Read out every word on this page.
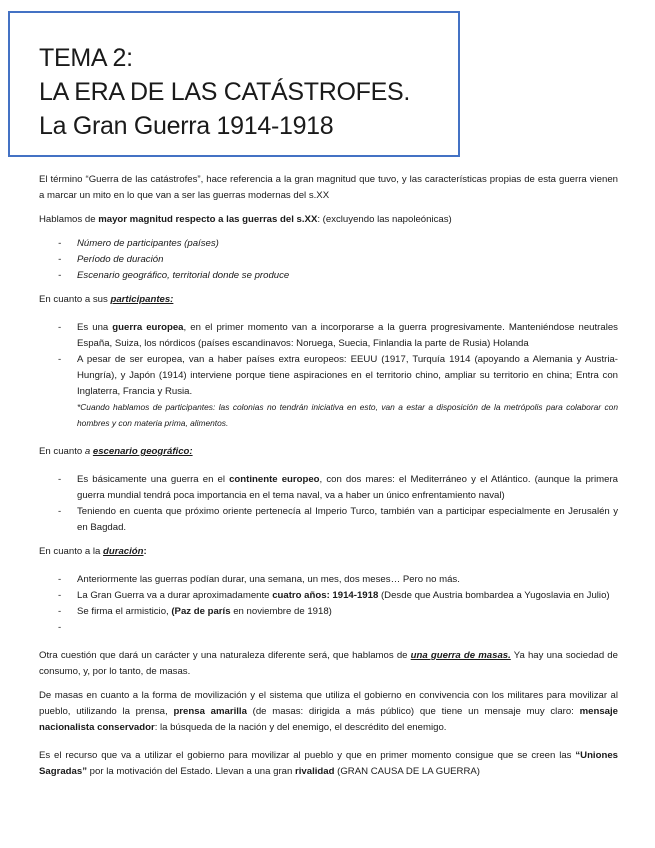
TEMA 2:
LA ERA DE LAS CATÁSTROFES.
La Gran Guerra 1914-1918

El término “Guerra de las catástrofes”, hace referencia a la gran magnitud que tuvo, y las características propias de esta guerra vienen a marcar un mito en lo que van a ser las guerras modernas del s.XX

Hablamos de mayor magnitud respecto a las guerras del s.XX: (excluyendo las napoleónicas)

- Número de participantes (países)
- Período de duración
- Escenario geográfico, territorial donde se produce

En cuanto a sus participantes:

- Es una guerra europea, en el primer momento van a incorporarse a la guerra progresivamente. Manteniéndose neutrales España, Suiza, los nórdicos (países escandinavos: Noruega, Suecia, Finlandia la parte de Rusia) Holanda
- A pesar de ser europea, van a haber países extra europeos: EEUU (1917, Turquía 1914 (apoyando a Alemania y Austria-Hungría), y Japón (1914) interviene porque tiene aspiraciones en el territorio chino, ampliar su territorio en china; Entra con Inglaterra, Francia y Rusia.
*Cuando hablamos de participantes: las colonias no tendrán iniciativa en esto, van a estar a disposición de la metrópolis para colaborar con hombres y con materia prima, alimentos.

En cuanto a escenario geográfico:

- Es básicamente una guerra en el continente europeo, con dos mares: el Mediterráneo y el Atlántico. (aunque la primera guerra mundial tendrá poca importancia en el tema naval, va a haber un único enfrentamiento naval)
- Teniendo en cuenta que próximo oriente pertenecía al Imperio Turco, también van a participar especialmente en Jerusalén y en Bagdad.

En cuanto a la duración:

- Anteriormente las guerras podían durar, una semana, un mes, dos meses… Pero no más.
- La Gran Guerra va a durar aproximadamente cuatro años: 1914-1918 (Desde que Austria bombardea a Yugoslavia en Julio)
- Se firma el armisticio, (Paz de parís en noviembre de 1918)
-

Otra cuestión que dará un carácter y una naturaleza diferente será, que hablamos de una guerra de masas. Ya hay una sociedad de consumo, y, por lo tanto, de masas.

De masas en cuanto a la forma de movilización y el sistema que utiliza el gobierno en convivencia con los militares para movilizar al pueblo, utilizando la prensa, prensa amarilla (de masas: dirigida a más público) que tiene un mensaje muy claro: mensaje nacionalista conservador: la búsqueda de la nación y del enemigo, el descrédito del enemigo.

Es el recurso que va a utilizar el gobierno para movilizar al pueblo y que en primer momento consigue que se creen las “Uniones Sagradas” por la motivación del Estado. Llevan a una gran rivalidad (GRAN CAUSA DE LA GUERRA)
